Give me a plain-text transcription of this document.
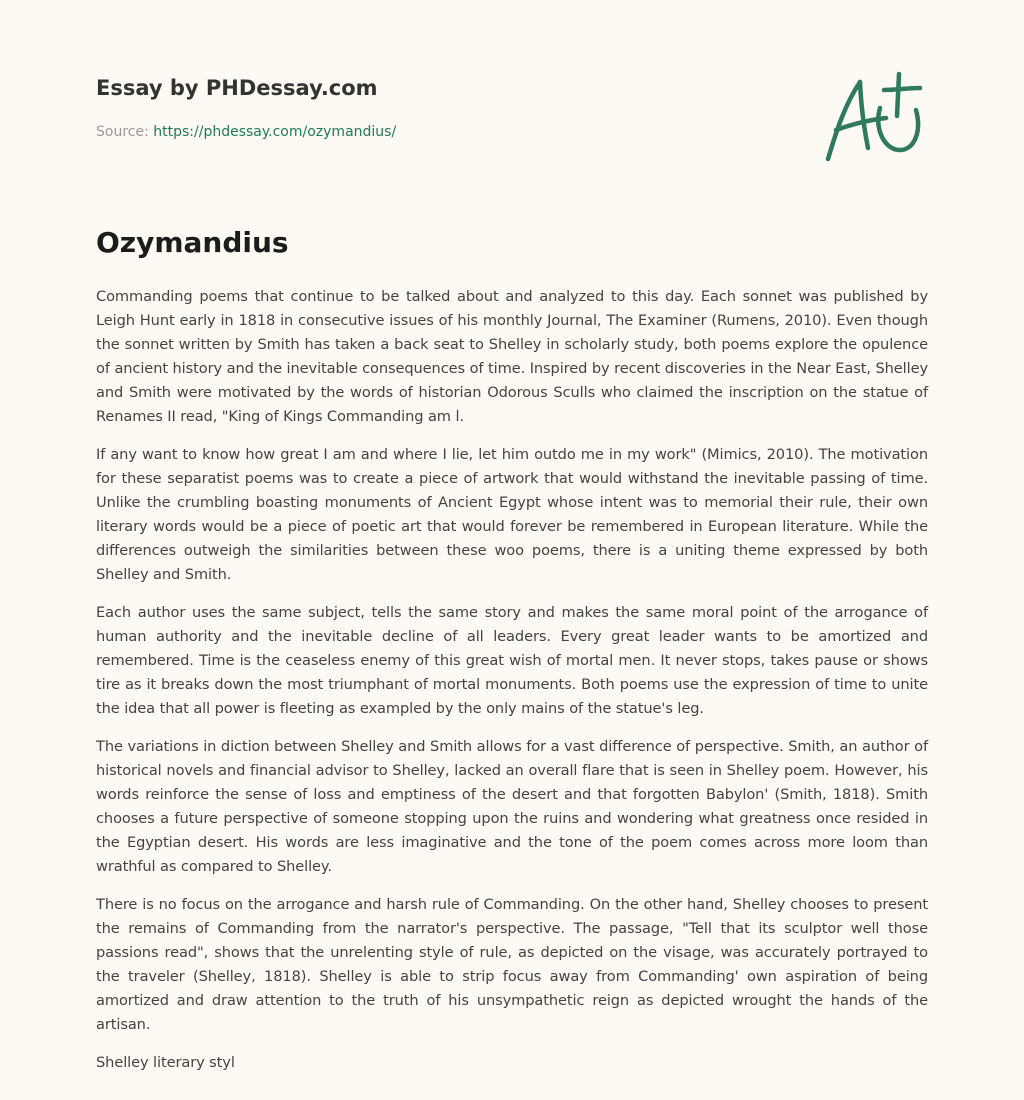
Essay by PHDessay.com
Source: https://phdessay.com/ozymandius/
Ozymandius

Commanding poems that continue to be talked about and analyzed to this day. Each sonnet was published by Leigh Hunt early in 1818 in consecutive issues of his monthly Journal, The Examiner (Rumens, 2010). Even though the sonnet written by Smith has taken a back seat to Shelley in scholarly study, both poems explore the opulence of ancient history and the inevitable consequences of time. Inspired by recent discoveries in the Near East, Shelley and Smith were motivated by the words of historian Odorous Sculls who claimed the inscription on the statue of Renames II read, "King of Kings Commanding am l.

If any want to know how great I am and where I lie, let him outdo me in my work" (Mimics, 2010). The motivation for these separatist poems was to create a piece of artwork that would withstand the inevitable passing of time. Unlike the crumbling boasting monuments of Ancient Egypt whose intent was to memorial their rule, their own literary words would be a piece of poetic art that would forever be remembered in European literature. While the differences outweigh the similarities between these woo poems, there is a uniting theme expressed by both Shelley and Smith.

Each author uses the same subject, tells the same story and makes the same moral point of the arrogance of human authority and the inevitable decline of all leaders. Every great leader wants to be amortized and remembered. Time is the ceaseless enemy of this great wish of mortal men. It never stops, takes pause or shows tire as it breaks down the most triumphant of mortal monuments. Both poems use the expression of time to unite the idea that all power is fleeting as exampled by the only mains of the statue's leg.

The variations in diction between Shelley and Smith allows for a vast difference of perspective. Smith, an author of historical novels and financial advisor to Shelley, lacked an overall flare that is seen in Shelley poem. However, his words reinforce the sense of loss and emptiness of the desert and that forgotten Babylon' (Smith, 1818). Smith chooses a future perspective of someone stopping upon the ruins and wondering what greatness once resided in the Egyptian desert. His words are less imaginative and the tone of the poem comes across more loom than wrathful as compared to Shelley.

There is no focus on the arrogance and harsh rule of Commanding. On the other hand, Shelley chooses to present the remains of Commanding from the narrator's perspective. The passage, "Tell that its sculptor well those passions read", shows that the unrelenting style of rule, as depicted on the visage, was accurately portrayed to the traveler (Shelley, 1818). Shelley is able to strip focus away from Commanding' own aspiration of being amortized and draw attention to the truth of his unsympathetic reign as depicted wrought the hands of the artisan.

Shelley literary styl
